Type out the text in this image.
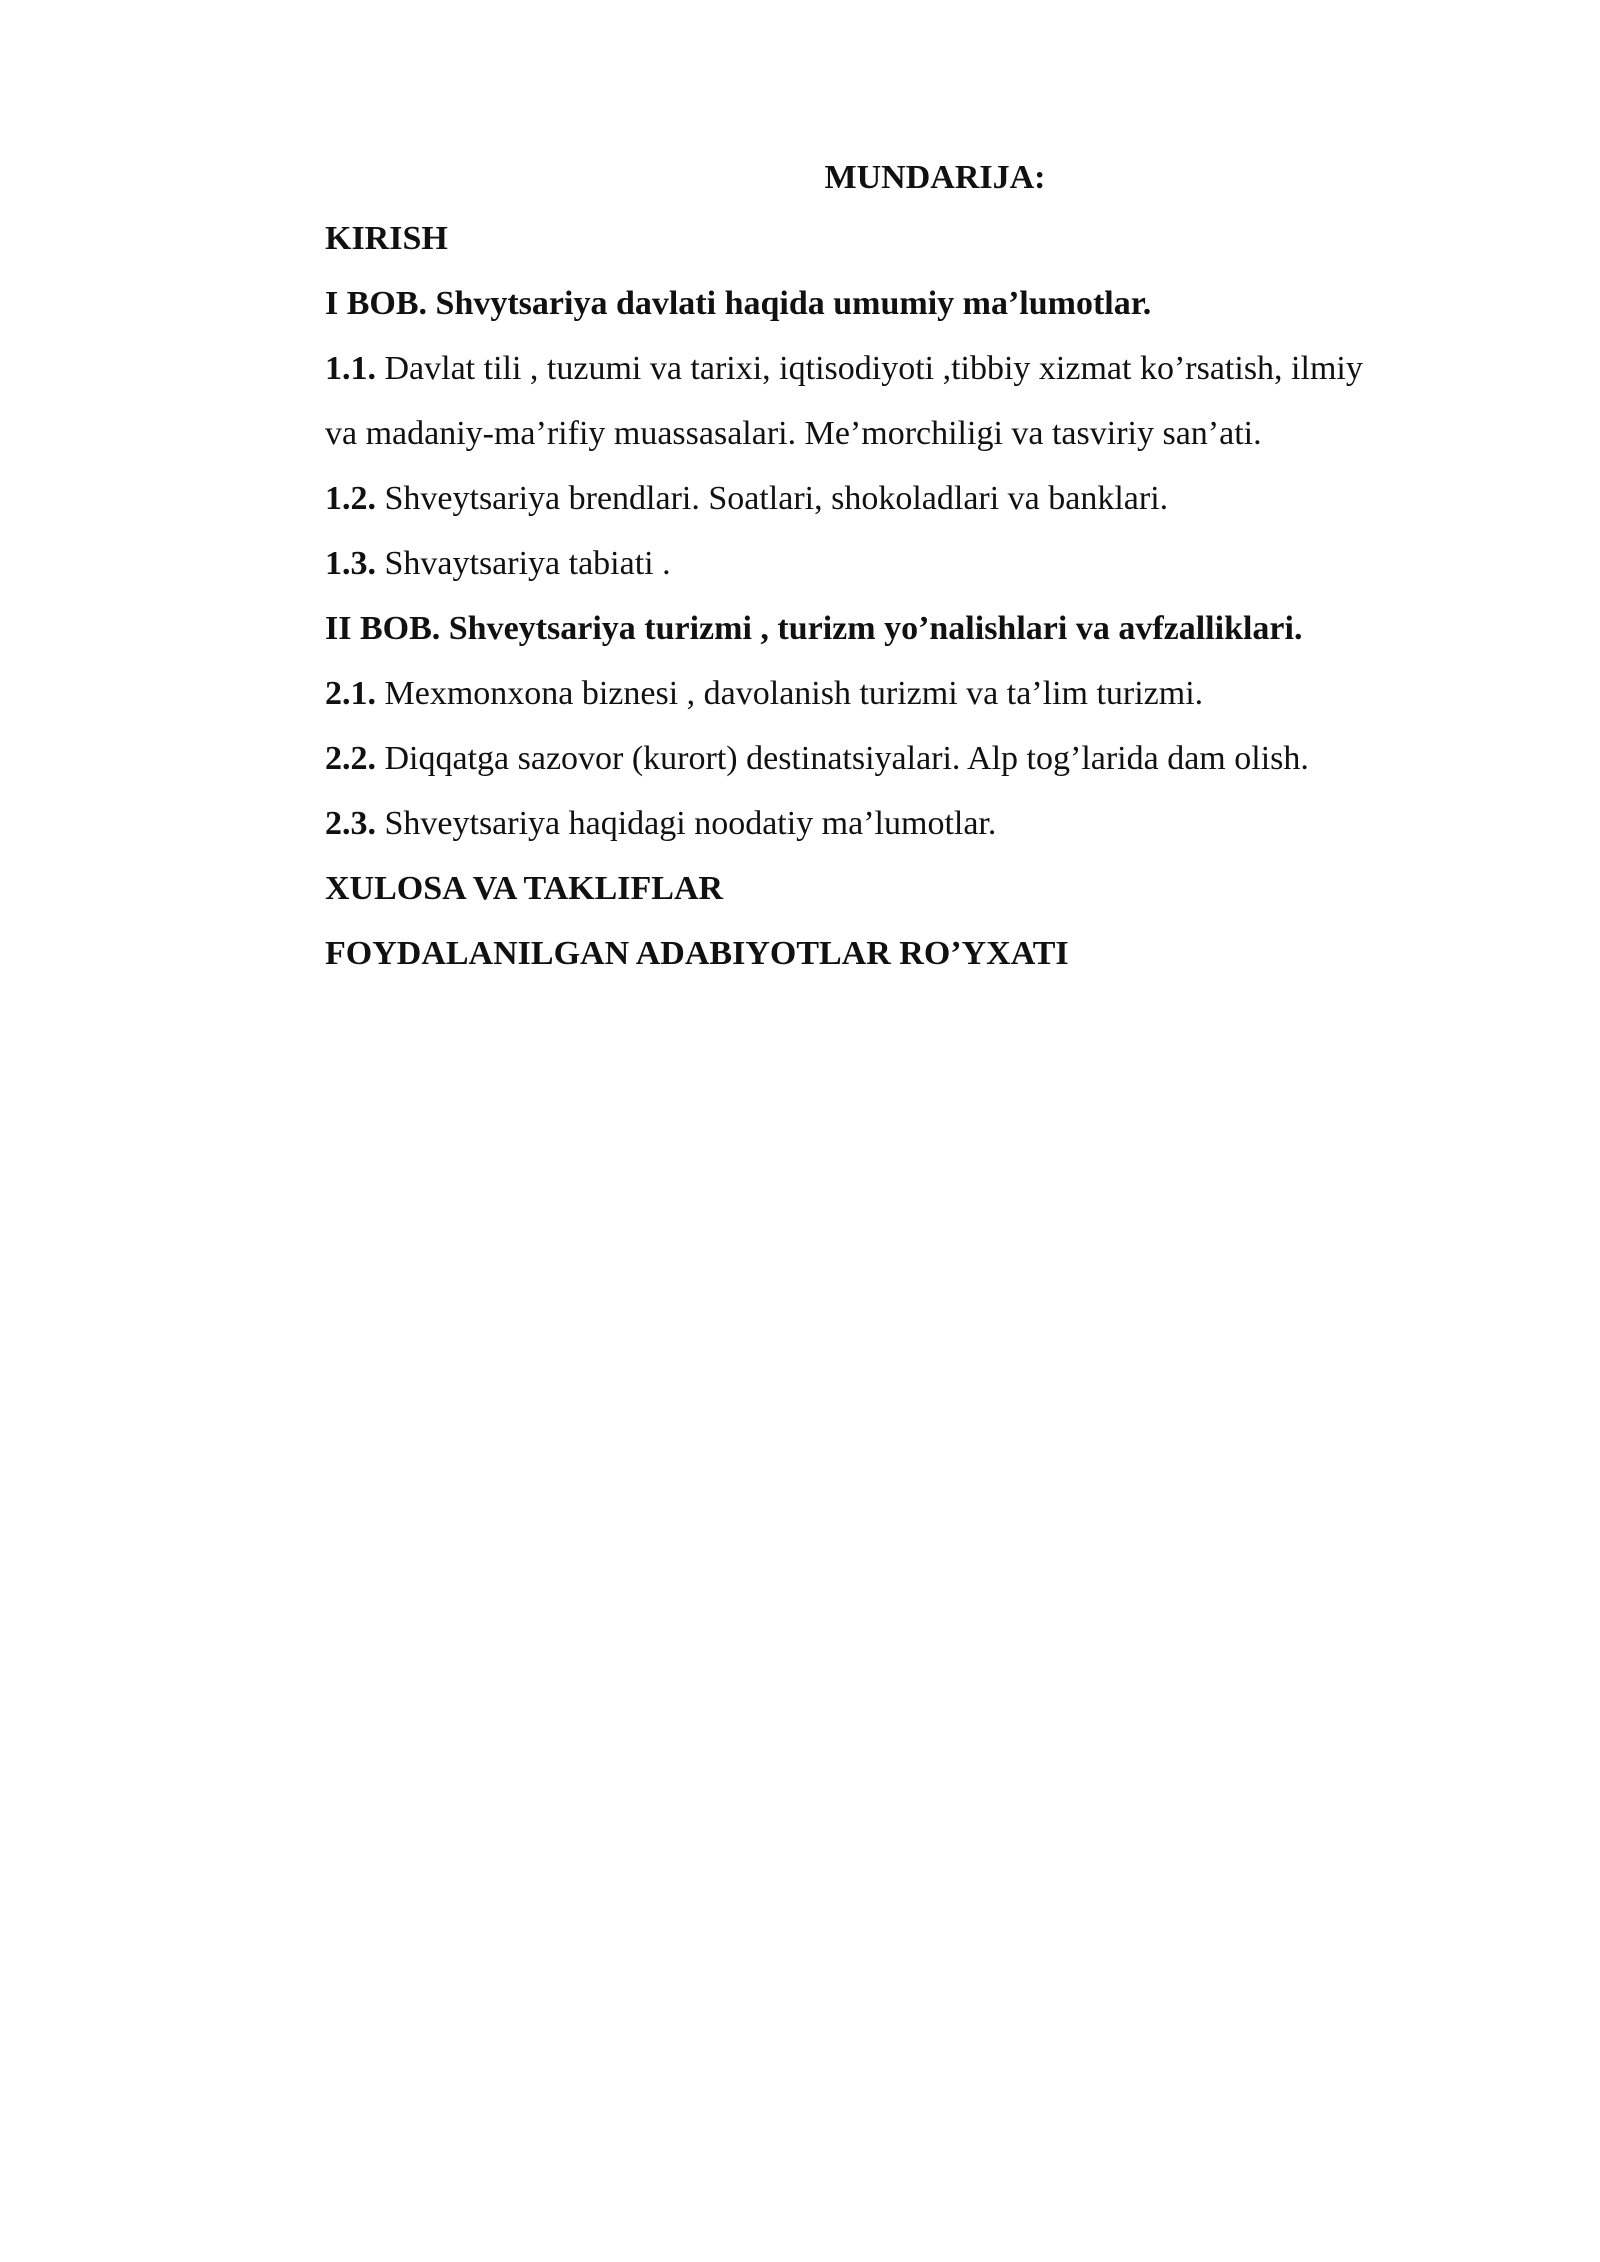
MUNDARIJA:
KIRISH
I BOB. Shvytsariya davlati haqida umumiy ma’lumotlar.
1.1. Davlat tili , tuzumi va tarixi, iqtisodiyoti ,tibbiy xizmat ko’rsatish, ilmiy
va madaniy-ma’rifiy muassasalari. Me’morchiligi va tasviriy san’ati.
1.2. Shveytsariya brendlari. Soatlari, shokoladlari va banklari.
1.3. Shvaytsariya tabiati .
II BOB. Shveytsariya turizmi , turizm yo’nalishlari va avfzalliklari.
2.1. Mexmonxona biznesi , davolanish turizmi va ta’lim turizmi.
2.2. Diqqatga sazovor (kurort) destinatsiyalari. Alp tog’larida dam olish.
2.3. Shveytsariya haqidagi noodatiy ma’lumotlar.
XULOSA VA TAKLIFLAR
FOYDALANILGAN ADABIYOTLAR RO’YXATI
